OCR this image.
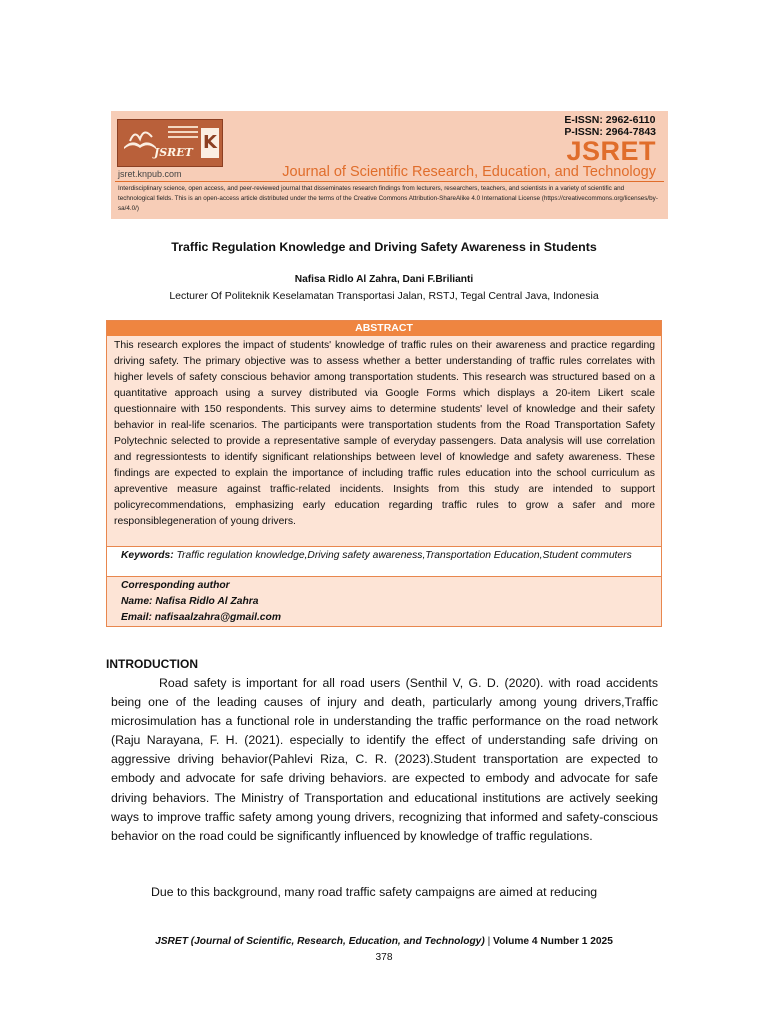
JSRET K
jsret.knpub.com
E-ISSN: 2962-6110
P-ISSN: 2964-7843
JSRET
Journal of Scientific Research, Education, and Technology
Interdisciplinary science, open access, and peer-reviewed journal that disseminates research findings from lecturers, researchers, teachers, and scientists in a variety of scientific and technological fields. This is an open-access article distributed under the terms of the Creative Commons Attribution-ShareAlike 4.0 International License (https://creativecommons.org/licenses/by-sa/4.0/)
Traffic Regulation Knowledge and Driving Safety Awareness in Students
Nafisa Ridlo Al Zahra, Dani F.Brilianti
Lecturer Of Politeknik Keselamatan Transportasi Jalan, RSTJ, Tegal Central Java, Indonesia
ABSTRACT
This research explores the impact of students' knowledge of traffic rules on their awareness and practice regarding driving safety. The primary objective was to assess whether a better understanding of traffic rules correlates with higher levels of safety conscious behavior among transportation students. This research was structured based on a quantitative approach using a survey distributed via Google Forms which displays a 20-item Likert scale questionnaire with 150 respondents. This survey aims to determine students' level of knowledge and their safety behavior in real-life scenarios. The participants were transportation students from the Road Transportation Safety Polytechnic selected to provide a representative sample of everyday passengers. Data analysis will use correlation and regressiontests to identify significant relationships between level of knowledge and safety awareness. These findings are expected to explain the importance of including traffic rules education into the school curriculum as apreventive measure against traffic-related incidents. Insights from this study are intended to support policyrecommendations, emphasizing early education regarding traffic rules to grow a safer and more responsiblegeneration of young drivers.
Keywords: Traffic regulation knowledge,Driving safety awareness,Transportation Education,Student commuters
Corresponding author
Name: Nafisa Ridlo Al Zahra
Email: nafisaalzahra@gmail.com
INTRODUCTION

Road safety is important for all road users (Senthil V, G. D. (2020). with road accidents being one of the leading causes of injury and death, particularly among young drivers,Traffic microsimulation has a functional role in understanding the traffic performance on the road network (Raju Narayana, F. H. (2021). especially to identify the effect of understanding safe driving on aggressive driving behavior(Pahlevi Riza, C. R. (2023).Student transportation are expected to embody and advocate for safe driving behaviors. are expected to embody and advocate for safe driving behaviors. The Ministry of Transportation and educational institutions are actively seeking ways to improve traffic safety among young drivers, recognizing that informed and safety-conscious behavior on the road could be significantly influenced by knowledge of traffic regulations.

Due to this background, many road traffic safety campaigns are aimed at reducing

JSRET (Journal of Scientific, Research, Education, and Technology) | Volume 4 Number 1 2025
378
